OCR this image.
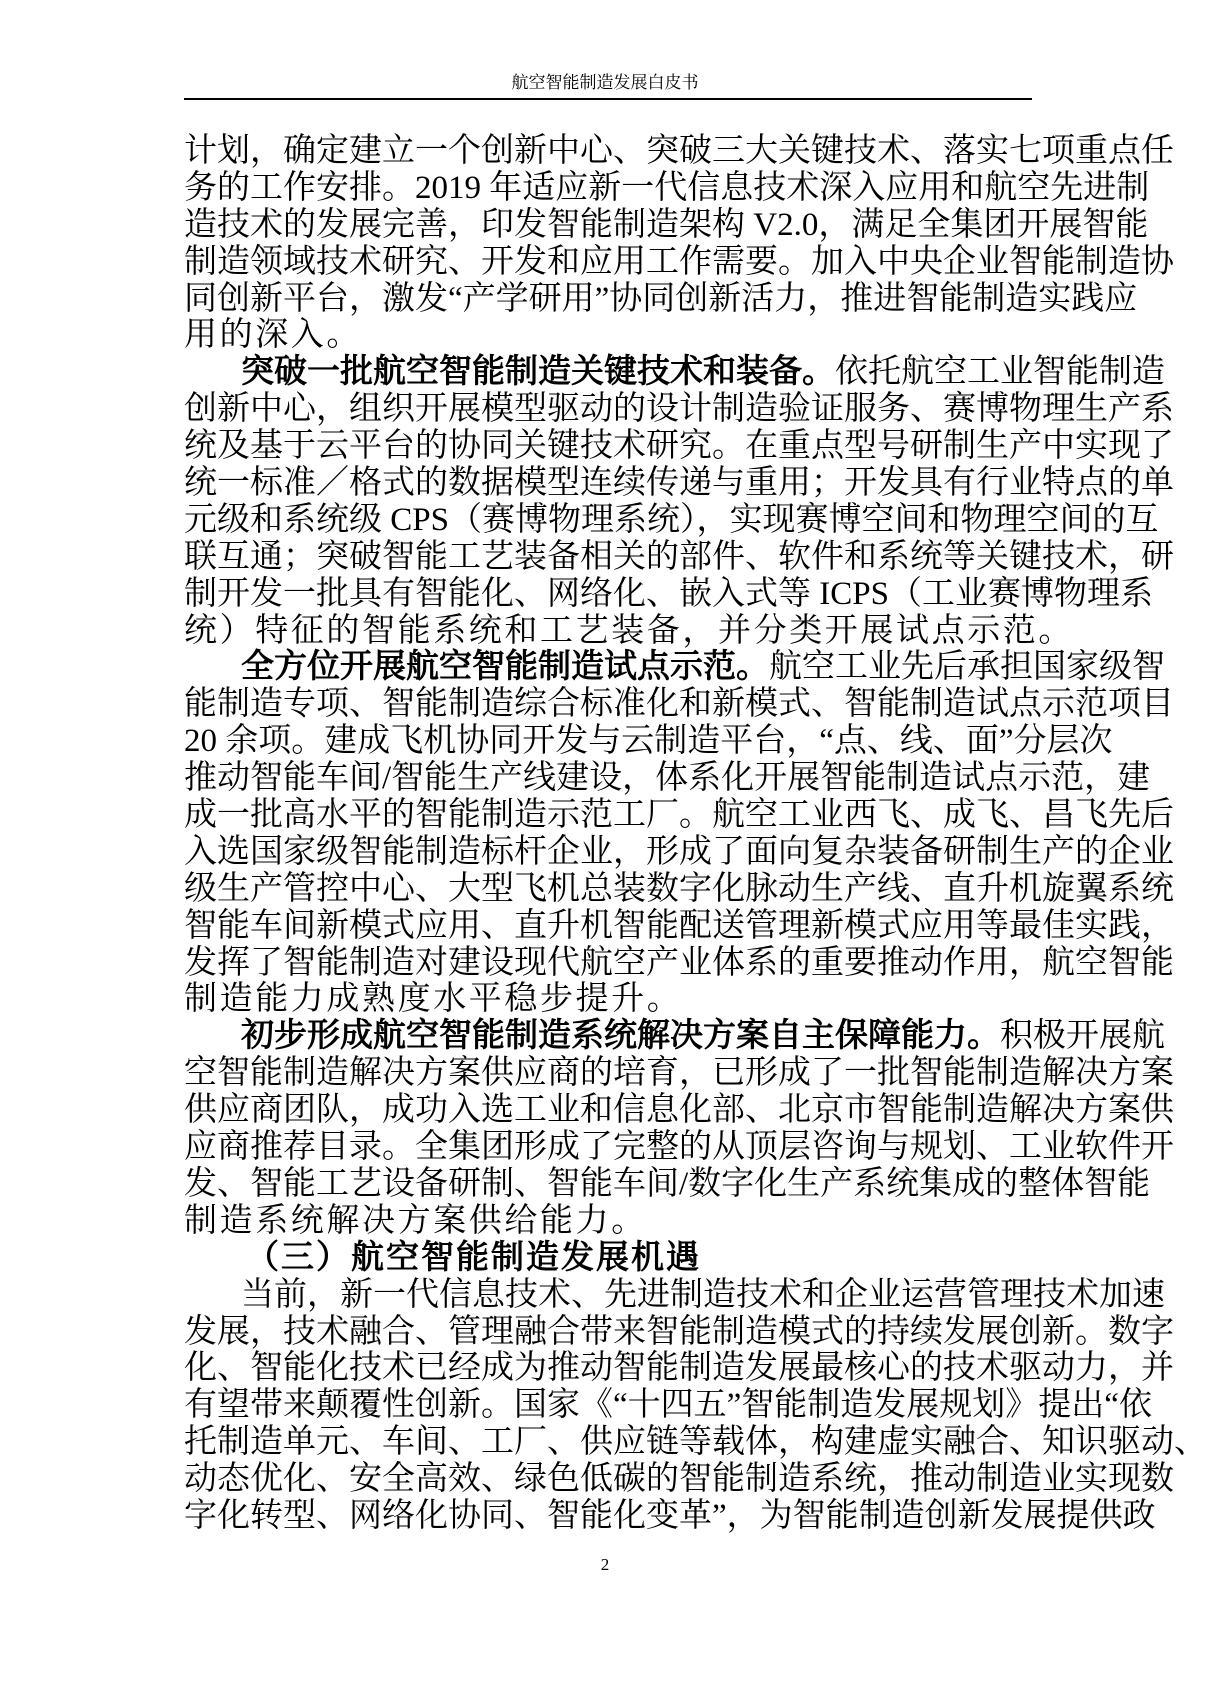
航空智能制造发展白皮书
计划，确定建立一个创新中心、突破三大关键技术、落实七项重点任
务的工作安排。2019 年适应新一代信息技术深入应用和航空先进制
造技术的发展完善，印发智能制造架构 V2.0，满足全集团开展智能
制造领域技术研究、开发和应用工作需要。加入中央企业智能制造协
同创新平台，激发“产学研用”协同创新活力，推进智能制造实践应
用的深入。
突破一批航空智能制造关键技术和装备。依托航空工业智能制造
创新中心，组织开展模型驱动的设计制造验证服务、赛博物理生产系
统及基于云平台的协同关键技术研究。在重点型号研制生产中实现了
统一标准／格式的数据模型连续传递与重用；开发具有行业特点的单
元级和系统级 CPS（赛博物理系统），实现赛博空间和物理空间的互
联互通；突破智能工艺装备相关的部件、软件和系统等关键技术，研
制开发一批具有智能化、网络化、嵌入式等 ICPS（工业赛博物理系
统）特征的智能系统和工艺装备，并分类开展试点示范。
全方位开展航空智能制造试点示范。航空工业先后承担国家级智
能制造专项、智能制造综合标准化和新模式、智能制造试点示范项目
20 余项。建成飞机协同开发与云制造平台，“点、线、面”分层次
推动智能车间/智能生产线建设，体系化开展智能制造试点示范，建
成一批高水平的智能制造示范工厂。航空工业西飞、成飞、昌飞先后
入选国家级智能制造标杆企业，形成了面向复杂装备研制生产的企业
级生产管控中心、大型飞机总装数字化脉动生产线、直升机旋翼系统
智能车间新模式应用、直升机智能配送管理新模式应用等最佳实践，
发挥了智能制造对建设现代航空产业体系的重要推动作用，航空智能
制造能力成熟度水平稳步提升。
初步形成航空智能制造系统解决方案自主保障能力。积极开展航
空智能制造解决方案供应商的培育，已形成了一批智能制造解决方案
供应商团队，成功入选工业和信息化部、北京市智能制造解决方案供
应商推荐目录。全集团形成了完整的从顶层咨询与规划、工业软件开
发、智能工艺设备研制、智能车间/数字化生产系统集成的整体智能
制造系统解决方案供给能力。
（三）航空智能制造发展机遇
当前，新一代信息技术、先进制造技术和企业运营管理技术加速
发展，技术融合、管理融合带来智能制造模式的持续发展创新。数字
化、智能化技术已经成为推动智能制造发展最核心的技术驱动力，并
有望带来颠覆性创新。国家《“十四五”智能制造发展规划》提出“依
托制造单元、车间、工厂、供应链等载体，构建虚实融合、知识驱动、
动态优化、安全高效、绿色低碳的智能制造系统，推动制造业实现数
字化转型、网络化协同、智能化变革”，为智能制造创新发展提供政
2
